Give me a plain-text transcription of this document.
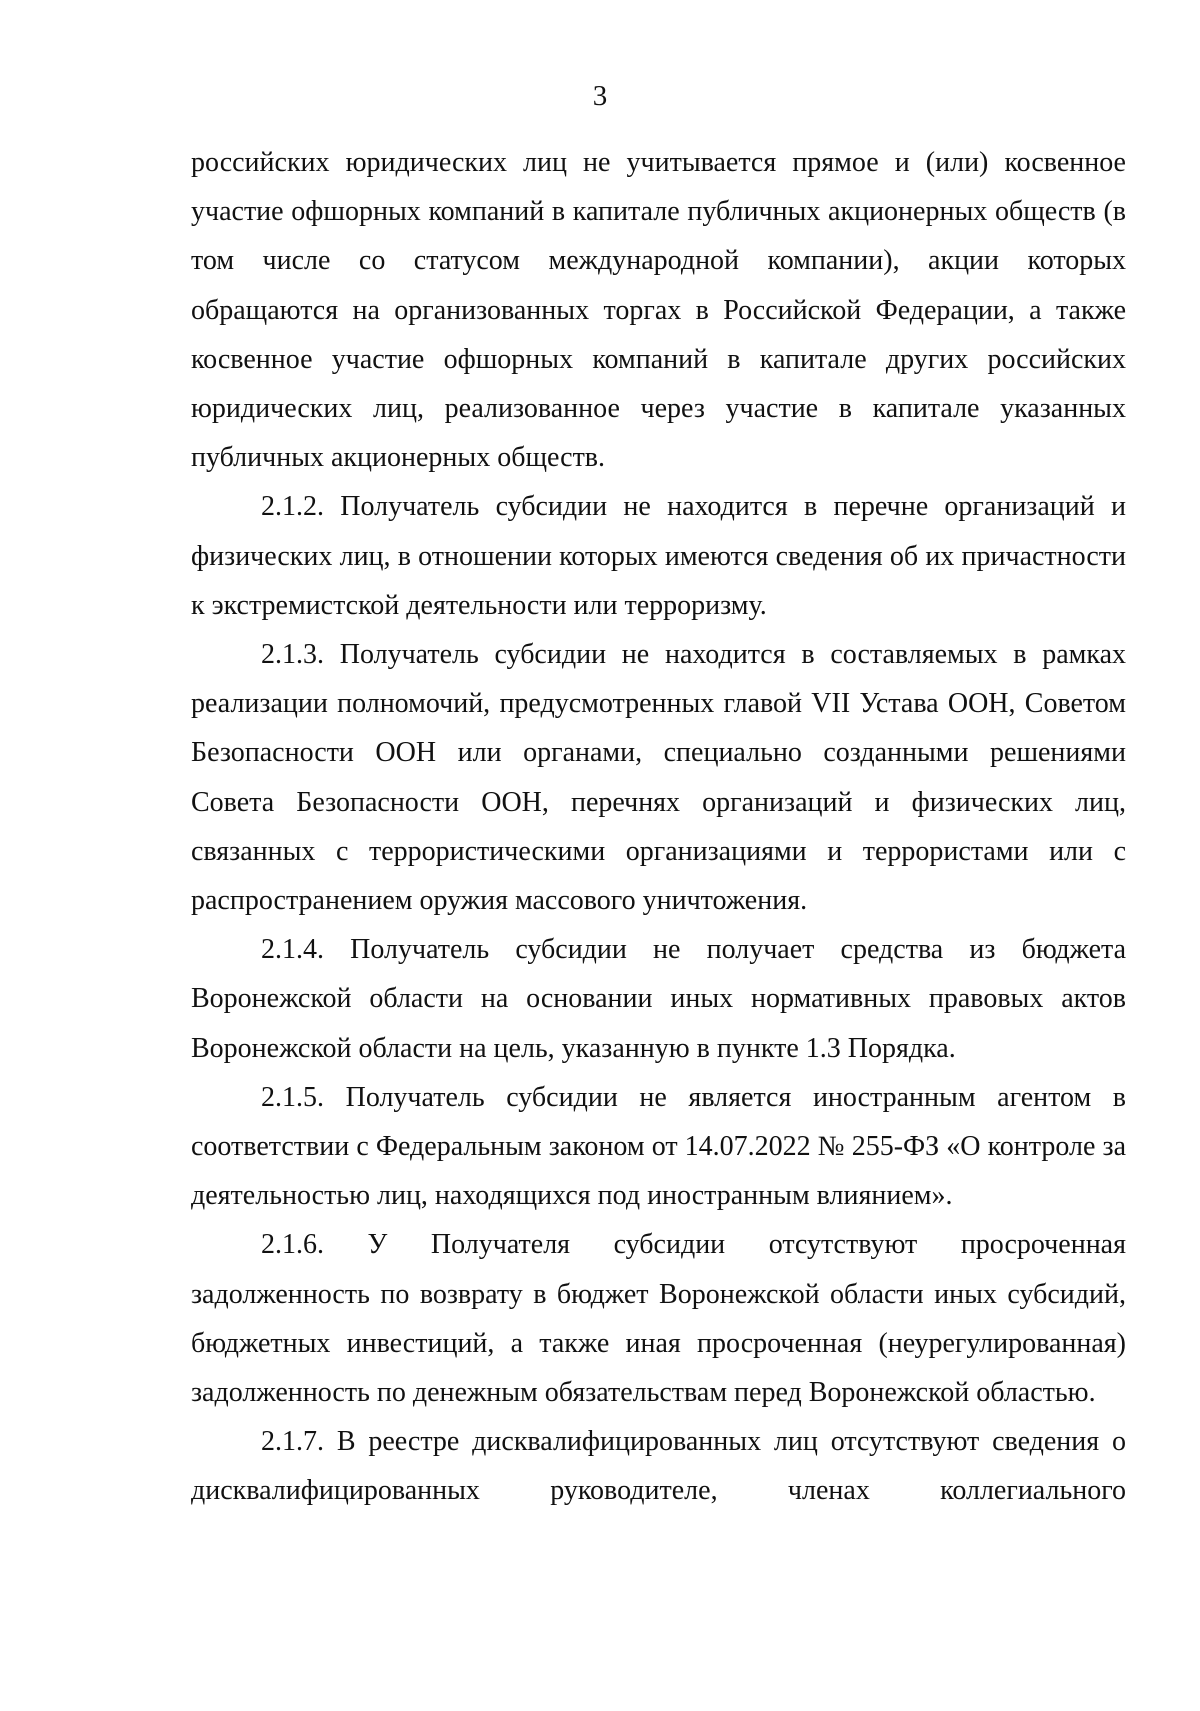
3

российских юридических лиц не учитывается прямое и (или) косвенное участие офшорных компаний в капитале публичных акционерных обществ (в том числе со статусом международной компании), акции которых обращаются на организованных торгах в Российской Федерации, а также косвенное участие офшорных компаний в капитале других российских юридических лиц, реализованное через участие в капитале указанных публичных акционерных обществ.

2.1.2. Получатель субсидии не находится в перечне организаций и физических лиц, в отношении которых имеются сведения об их причастности к экстремистской деятельности или терроризму.

2.1.3. Получатель субсидии не находится в составляемых в рамках реализации полномочий, предусмотренных главой VII Устава ООН, Советом Безопасности ООН или органами, специально созданными решениями Совета Безопасности ООН, перечнях организаций и физических лиц, связанных с террористическими организациями и террористами или с распространением оружия массового уничтожения.

2.1.4. Получатель субсидии не получает средства из бюджета Воронежской области на основании иных нормативных правовых актов Воронежской области на цель, указанную в пункте 1.3 Порядка.

2.1.5. Получатель субсидии не является иностранным агентом в соответствии с Федеральным законом от 14.07.2022 № 255-ФЗ «О контроле за деятельностью лиц, находящихся под иностранным влиянием».

2.1.6. У Получателя субсидии отсутствуют просроченная задолженность по возврату в бюджет Воронежской области иных субсидий, бюджетных инвестиций, а также иная просроченная (неурегулированная) задолженность по денежным обязательствам перед Воронежской областью.

2.1.7. В реестре дисквалифицированных лиц отсутствуют сведения о дисквалифицированных руководителе, членах коллегиального
